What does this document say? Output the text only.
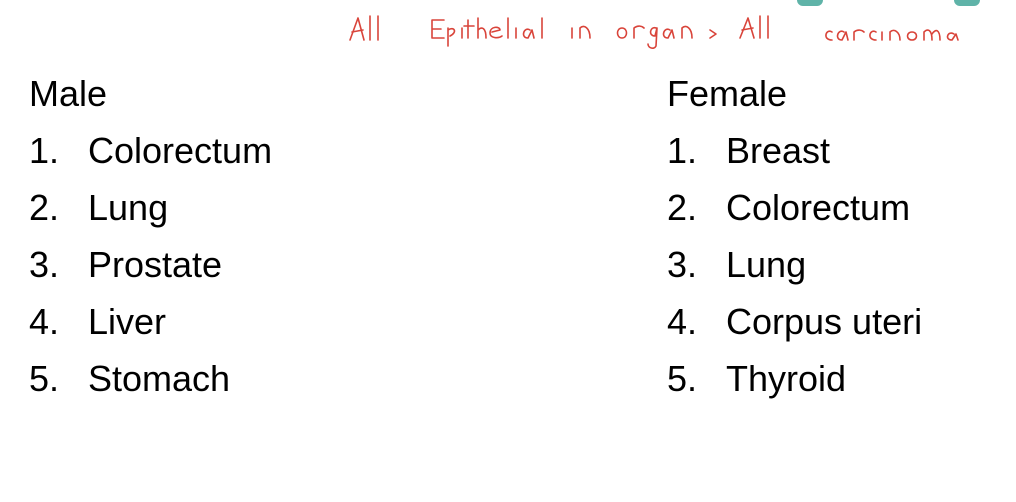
Male
1. Colorectum
2. Lung
3. Prostate
4. Liver
5. Stomach
Female
1. Breast
2. Colorectum
3. Lung
4. Corpus uteri
5. Thyroid
